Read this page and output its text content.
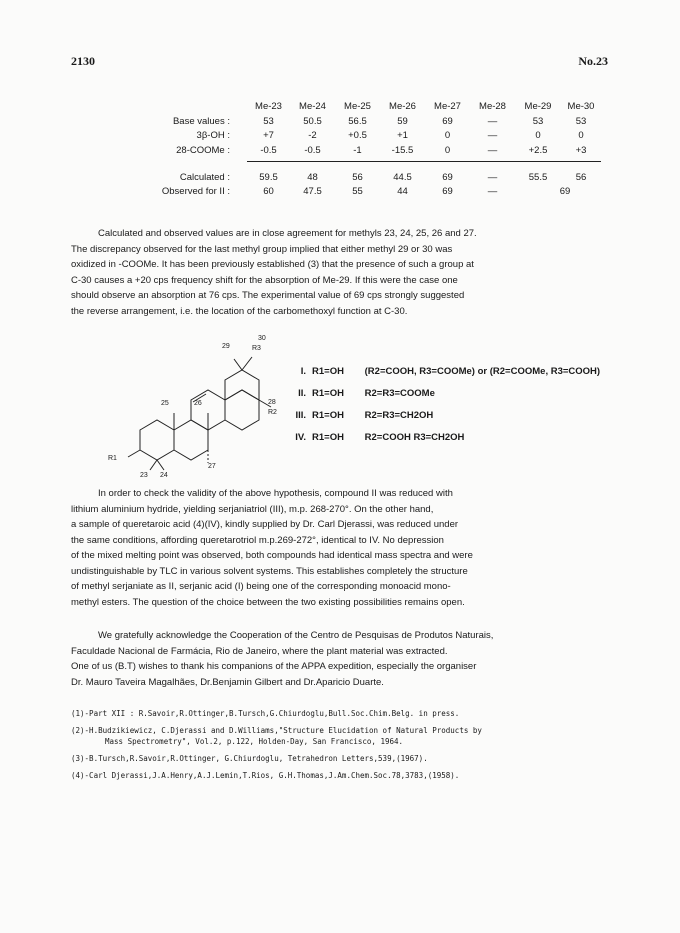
2130	No.23
	Me-23	Me-24	Me-25	Me-26	Me-27	Me-28	Me-29	Me-30
Base values :	53	50.5	56.5	59	69	—	53	53
3β-OH :	+7	-2	+0.5	+1	0	—	0	0
28-COOMe :	-0.5	-0.5	-1	-15.5	0	—	+2.5	+3

Calculated :	59.5	48	56	44.5	69	—	55.5	56
Observed for II :	60	47.5	55	44	69	—	69	

Calculated and observed values are in close agreement for methyls 23, 24, 25, 26 and 27.

The discrepancy observed for the last methyl group implied that either methyl 29 or 30 was

oxidized in -COOMe. It has been previously established (3) that the presence of such a group at

C-30 causes a +20 cps frequency shift for the absorption of Me-29. If this were the case one

should observe an absorption at 76 cps. The experimental value of 69 cps strongly suggested

the reverse arrangement, i.e. the location of the carbomethoxyl function at C-30.

29
30
R3
25	26	28
R2
27
R1
23 24
I. R1=OH (R2=COOH, R3=COOMe) or (R2=COOMe, R3=COOH)
II. R1=OH R2=R3=COOMe
III. R1=OH R2=R3=CH2OH
IV. R1=OH R2=COOH R3=CH2OH

In order to check the validity of the above hypothesis, compound II was reduced with

lithium aluminium hydride, yielding serjaniatriol (III), m.p. 268-270°. On the other hand,

a sample of queretaroic acid (4)(IV), kindly supplied by Dr. Carl Djerassi, was reduced under

the same conditions, affording queretarotriol m.p.269-272°, identical to IV. No depression

of the mixed melting point was observed, both compounds had identical mass spectra and were

undistinguishable by TLC in various solvent systems. This establishes completely the structure

of methyl serjaniate as II, serjanic acid (I) being one of the corresponding monoacid mono-

methyl esters. The question of the choice between the two existing possibilities remains open.

We gratefully acknowledge the Cooperation of the Centro de Pesquisas de Produtos Naturais,

Faculdade Nacional de Farmácia, Rio de Janeiro, where the plant material was extracted.

One of us (B.T) wishes to thank his companions of the APPA expedition, especially the organiser

Dr. Mauro Taveira Magalhães, Dr.Benjamin Gilbert and Dr.Aparicio Duarte.

(1)-Part XII : R.Savoir,R.Ottinger,B.Tursch,G.Chiurdoglu,Bull.Soc.Chim.Belg. in press.

(2)-H.Budzikiewicz, C.Djerassi and D.Williams,"Structure Elucidation of Natural Products by

Mass Spectrometry", Vol.2, p.122, Holden-Day, San Francisco, 1964.

(3)-B.Tursch,R.Savoir,R.Ottinger, G.Chiurdoglu, Tetrahedron Letters,539,(1967).

(4)-Carl Djerassi,J.A.Henry,A.J.Lemin,T.Rios, G.H.Thomas,J.Am.Chem.Soc.78,3783,(1958).
